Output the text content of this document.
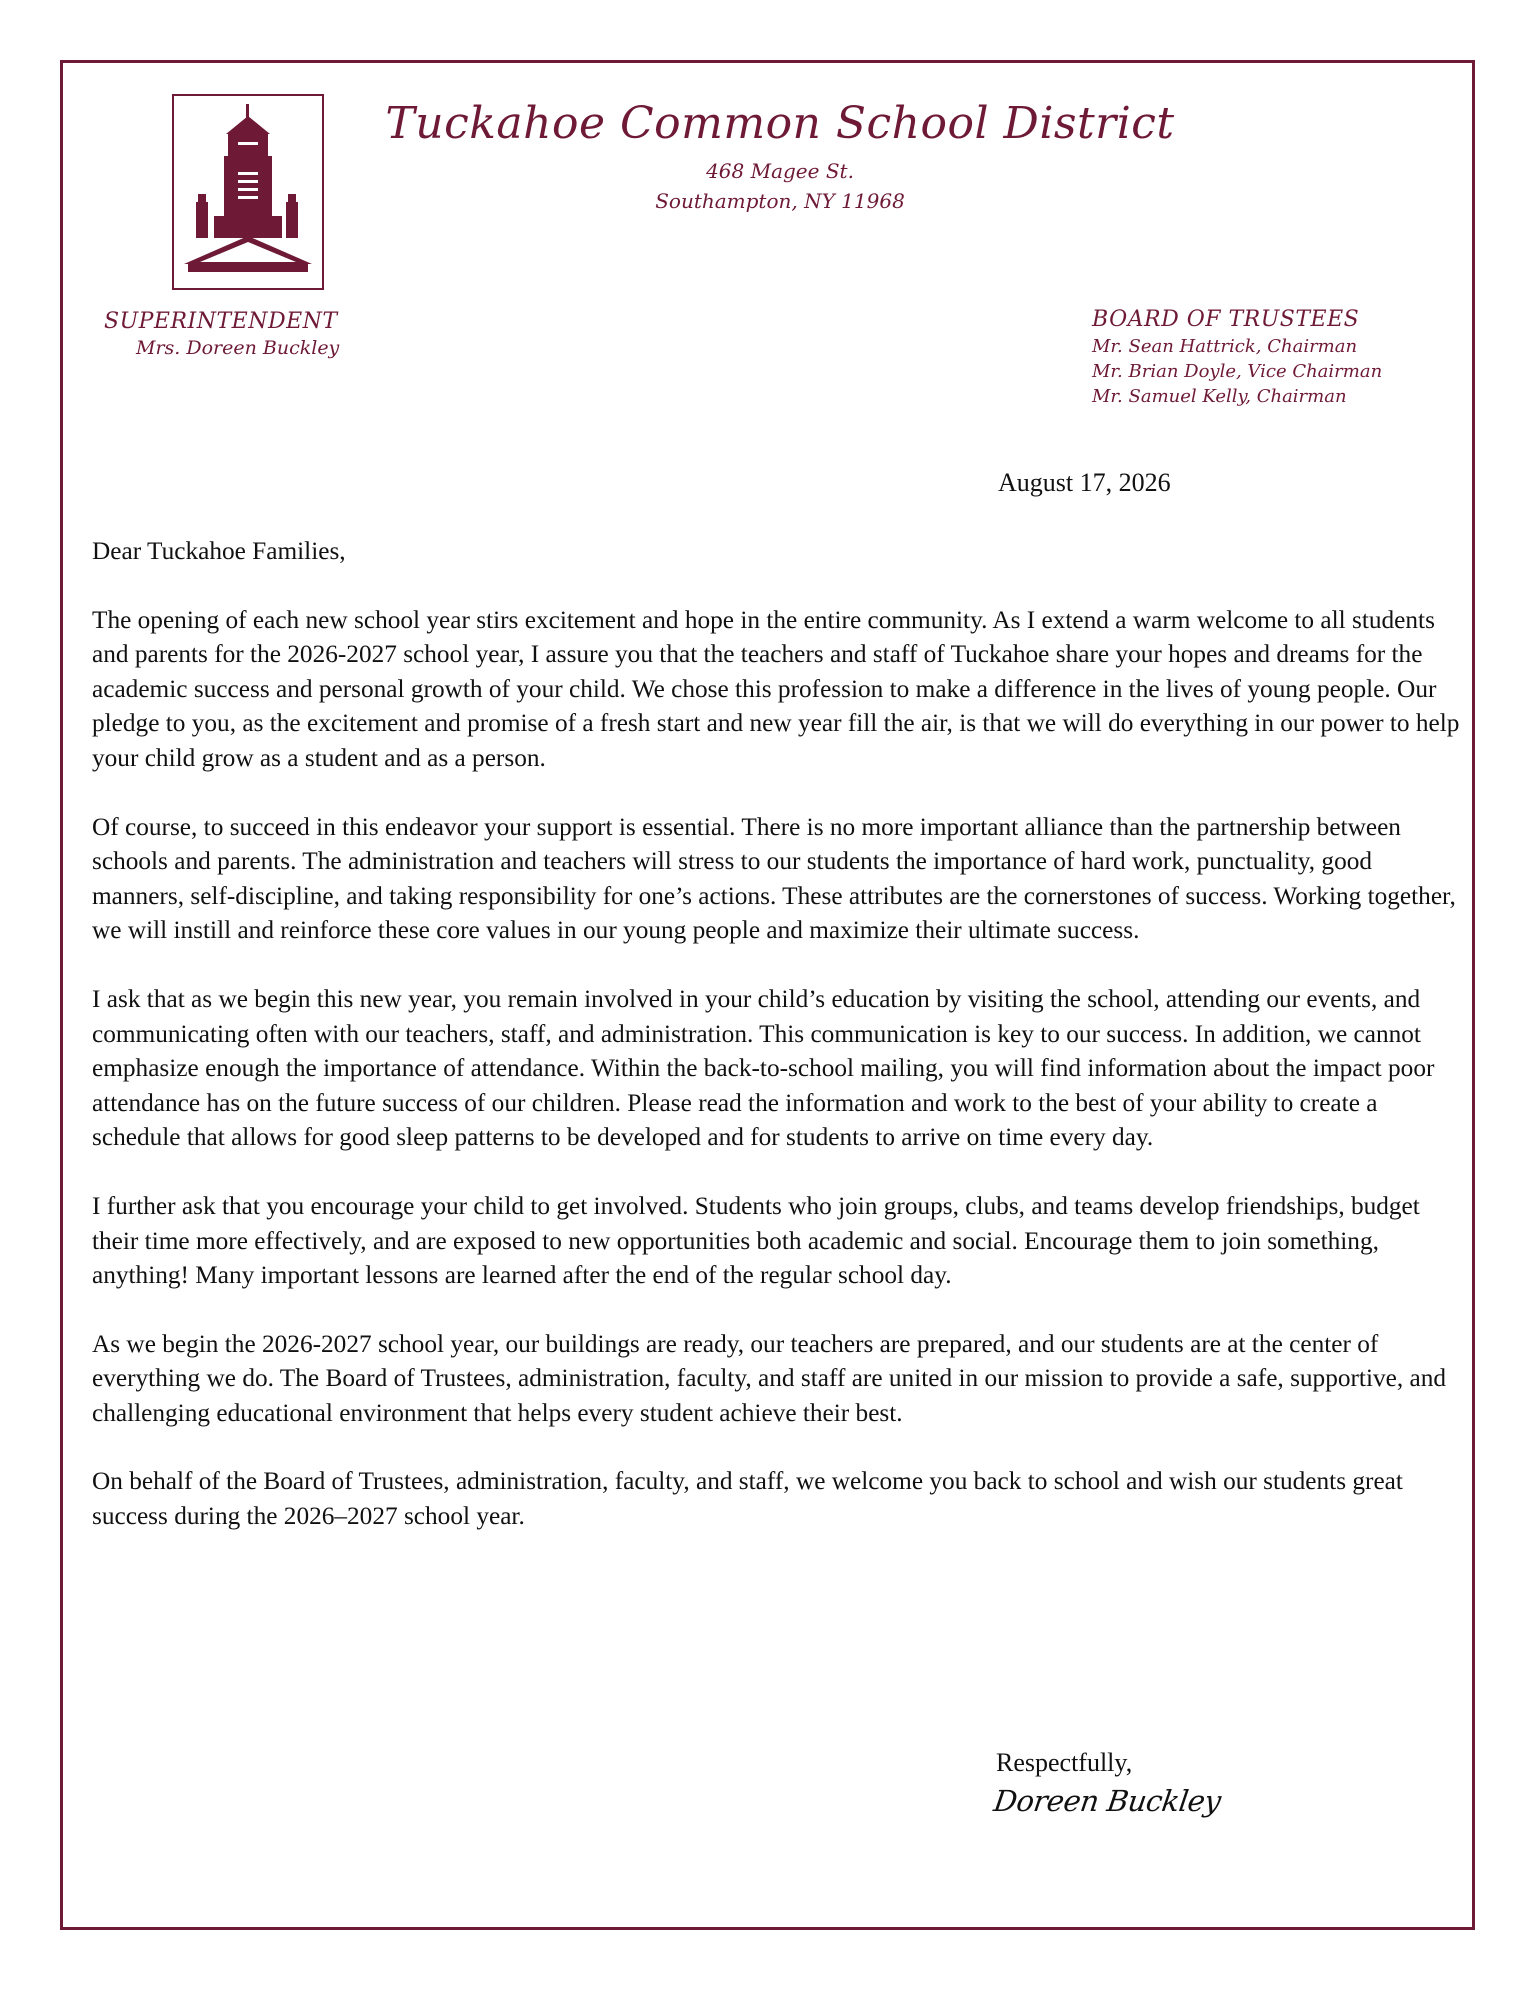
Tuckahoe Common School District
468 Magee St.
Southampton, NY 11968
SUPERINTENDENT
Mrs. Doreen Buckley
BOARD OF TRUSTEES
Mr. Sean Hattrick, Chairman
Mr. Brian Doyle, Vice Chairman
Mr. Samuel Kelly, Chairman
August 17, 2026

Dear Tuckahoe Families,

The opening of each new school year stirs excitement and hope in the entire community. As I extend a warm welcome to all students and parents for the 2026-2027 school year, I assure you that the teachers and staff of Tuckahoe share your hopes and dreams for the academic success and personal growth of your child. We chose this profession to make a difference in the lives of young people. Our pledge to you, as the excitement and promise of a fresh start and new year fill the air, is that we will do everything in our power to help your child grow as a student and as a person.

Of course, to succeed in this endeavor your support is essential. There is no more important alliance than the partnership between schools and parents. The administration and teachers will stress to our students the importance of hard work, punctuality, good manners, self-discipline, and taking responsibility for one’s actions. These attributes are the cornerstones of success. Working together, we will instill and reinforce these core values in our young people and maximize their ultimate success.

I ask that as we begin this new year, you remain involved in your child’s education by visiting the school, attending our events, and communicating often with our teachers, staff, and administration. This communication is key to our success. In addition, we cannot emphasize enough the importance of attendance. Within the back-to-school mailing, you will find information about the impact poor attendance has on the future success of our children. Please read the information and work to the best of your ability to create a schedule that allows for good sleep patterns to be developed and for students to arrive on time every day.

I further ask that you encourage your child to get involved. Students who join groups, clubs, and teams develop friendships, budget their time more effectively, and are exposed to new opportunities both academic and social. Encourage them to join something, anything! Many important lessons are learned after the end of the regular school day.

As we begin the 2026-2027 school year, our buildings are ready, our teachers are prepared, and our students are at the center of everything we do. The Board of Trustees, administration, faculty, and staff are united in our mission to provide a safe, supportive, and challenging educational environment that helps every student achieve their best.

On behalf of the Board of Trustees, administration, faculty, and staff, we welcome you back to school and wish our students great success during the 2026–2027 school year.

Respectfully,
Doreen Buckley
